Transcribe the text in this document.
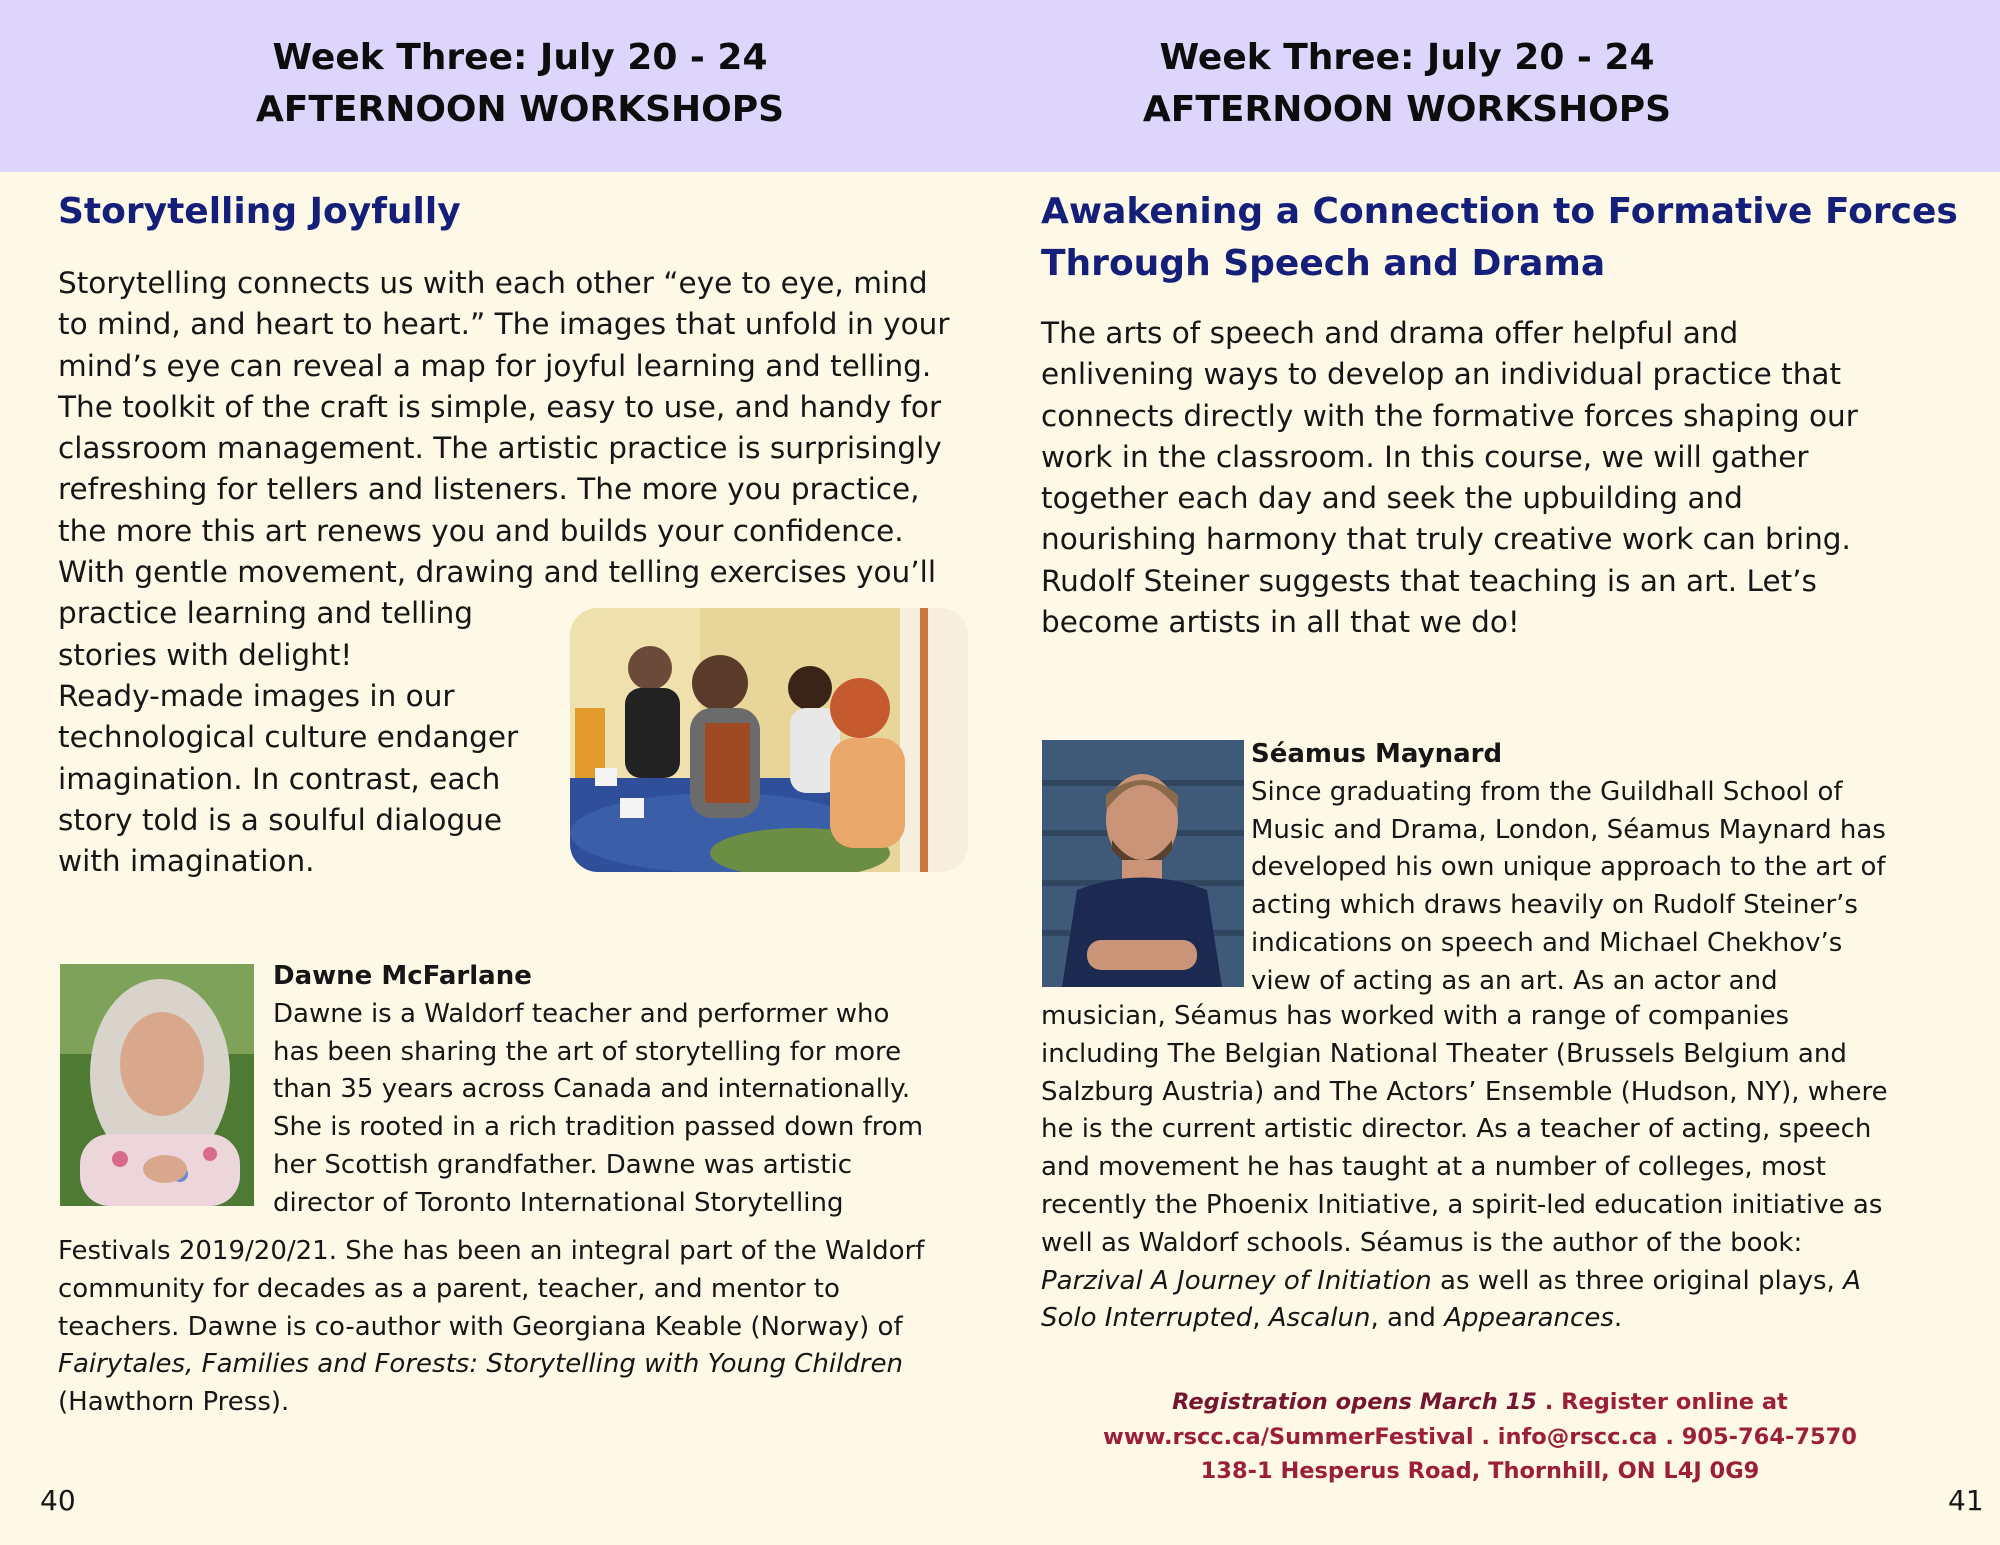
Week Three: July 20 - 24
AFTERNOON WORKSHOPS
Week Three: July 20 - 24
AFTERNOON WORKSHOPS
Storytelling Joyfully

Storytelling connects us with each other “eye to eye, mind

to mind, and heart to heart.” The images that unfold in your

mind’s eye can reveal a map for joyful learning and telling.

The toolkit of the craft is simple, easy to use, and handy for

classroom management. The artistic practice is surprisingly

refreshing for tellers and listeners. The more you practice,

the more this art renews you and builds your confidence.

With gentle movement, drawing and telling exercises you’ll

practice learning and telling

stories with delight!

Ready-made images in our

technological culture endanger

imagination. In contrast, each

story told is a soulful dialogue

with imagination.

Dawne McFarlane
Dawne is a Waldorf teacher and performer who
has been sharing the art of storytelling for more
than 35 years across Canada and internationally.
She is rooted in a rich tradition passed down from
her Scottish grandfather. Dawne was artistic
director of Toronto International Storytelling
Festivals 2019/20/21. She has been an integral part of the Waldorf
community for decades as a parent, teacher, and mentor to
teachers. Dawne is co-author with Georgiana Keable (Norway) of
Fairytales, Families and Forests: Storytelling with Young Children
(Hawthorn Press).
40
Awakening a Connection to Formative Forces
Through Speech and Drama

The arts of speech and drama offer helpful and

enlivening ways to develop an individual practice that

connects directly with the formative forces shaping our

work in the classroom. In this course, we will gather

together each day and seek the upbuilding and

nourishing harmony that truly creative work can bring.

Rudolf Steiner suggests that teaching is an art. Let’s

become artists in all that we do!

Séamus Maynard
Since graduating from the Guildhall School of
Music and Drama, London, Séamus Maynard has
developed his own unique approach to the art of
acting which draws heavily on Rudolf Steiner’s
indications on speech and Michael Chekhov’s
view of acting as an art. As an actor and
musician, Séamus has worked with a range of companies
including The Belgian National Theater (Brussels Belgium and
Salzburg Austria) and The Actors’ Ensemble (Hudson, NY), where
he is the current artistic director. As a teacher of acting, speech
and movement he has taught at a number of colleges, most
recently the Phoenix Initiative, a spirit-led education initiative as
well as Waldorf schools. Séamus is the author of the book:
Parzival A Journey of Initiation as well as three original plays, A
Solo Interrupted, Ascalun, and Appearances.
Registration opens March 15 . Register online at
www.rscc.ca/SummerFestival . info@rscc.ca . 905-764-7570
138-1 Hesperus Road, Thornhill, ON L4J 0G9
41
